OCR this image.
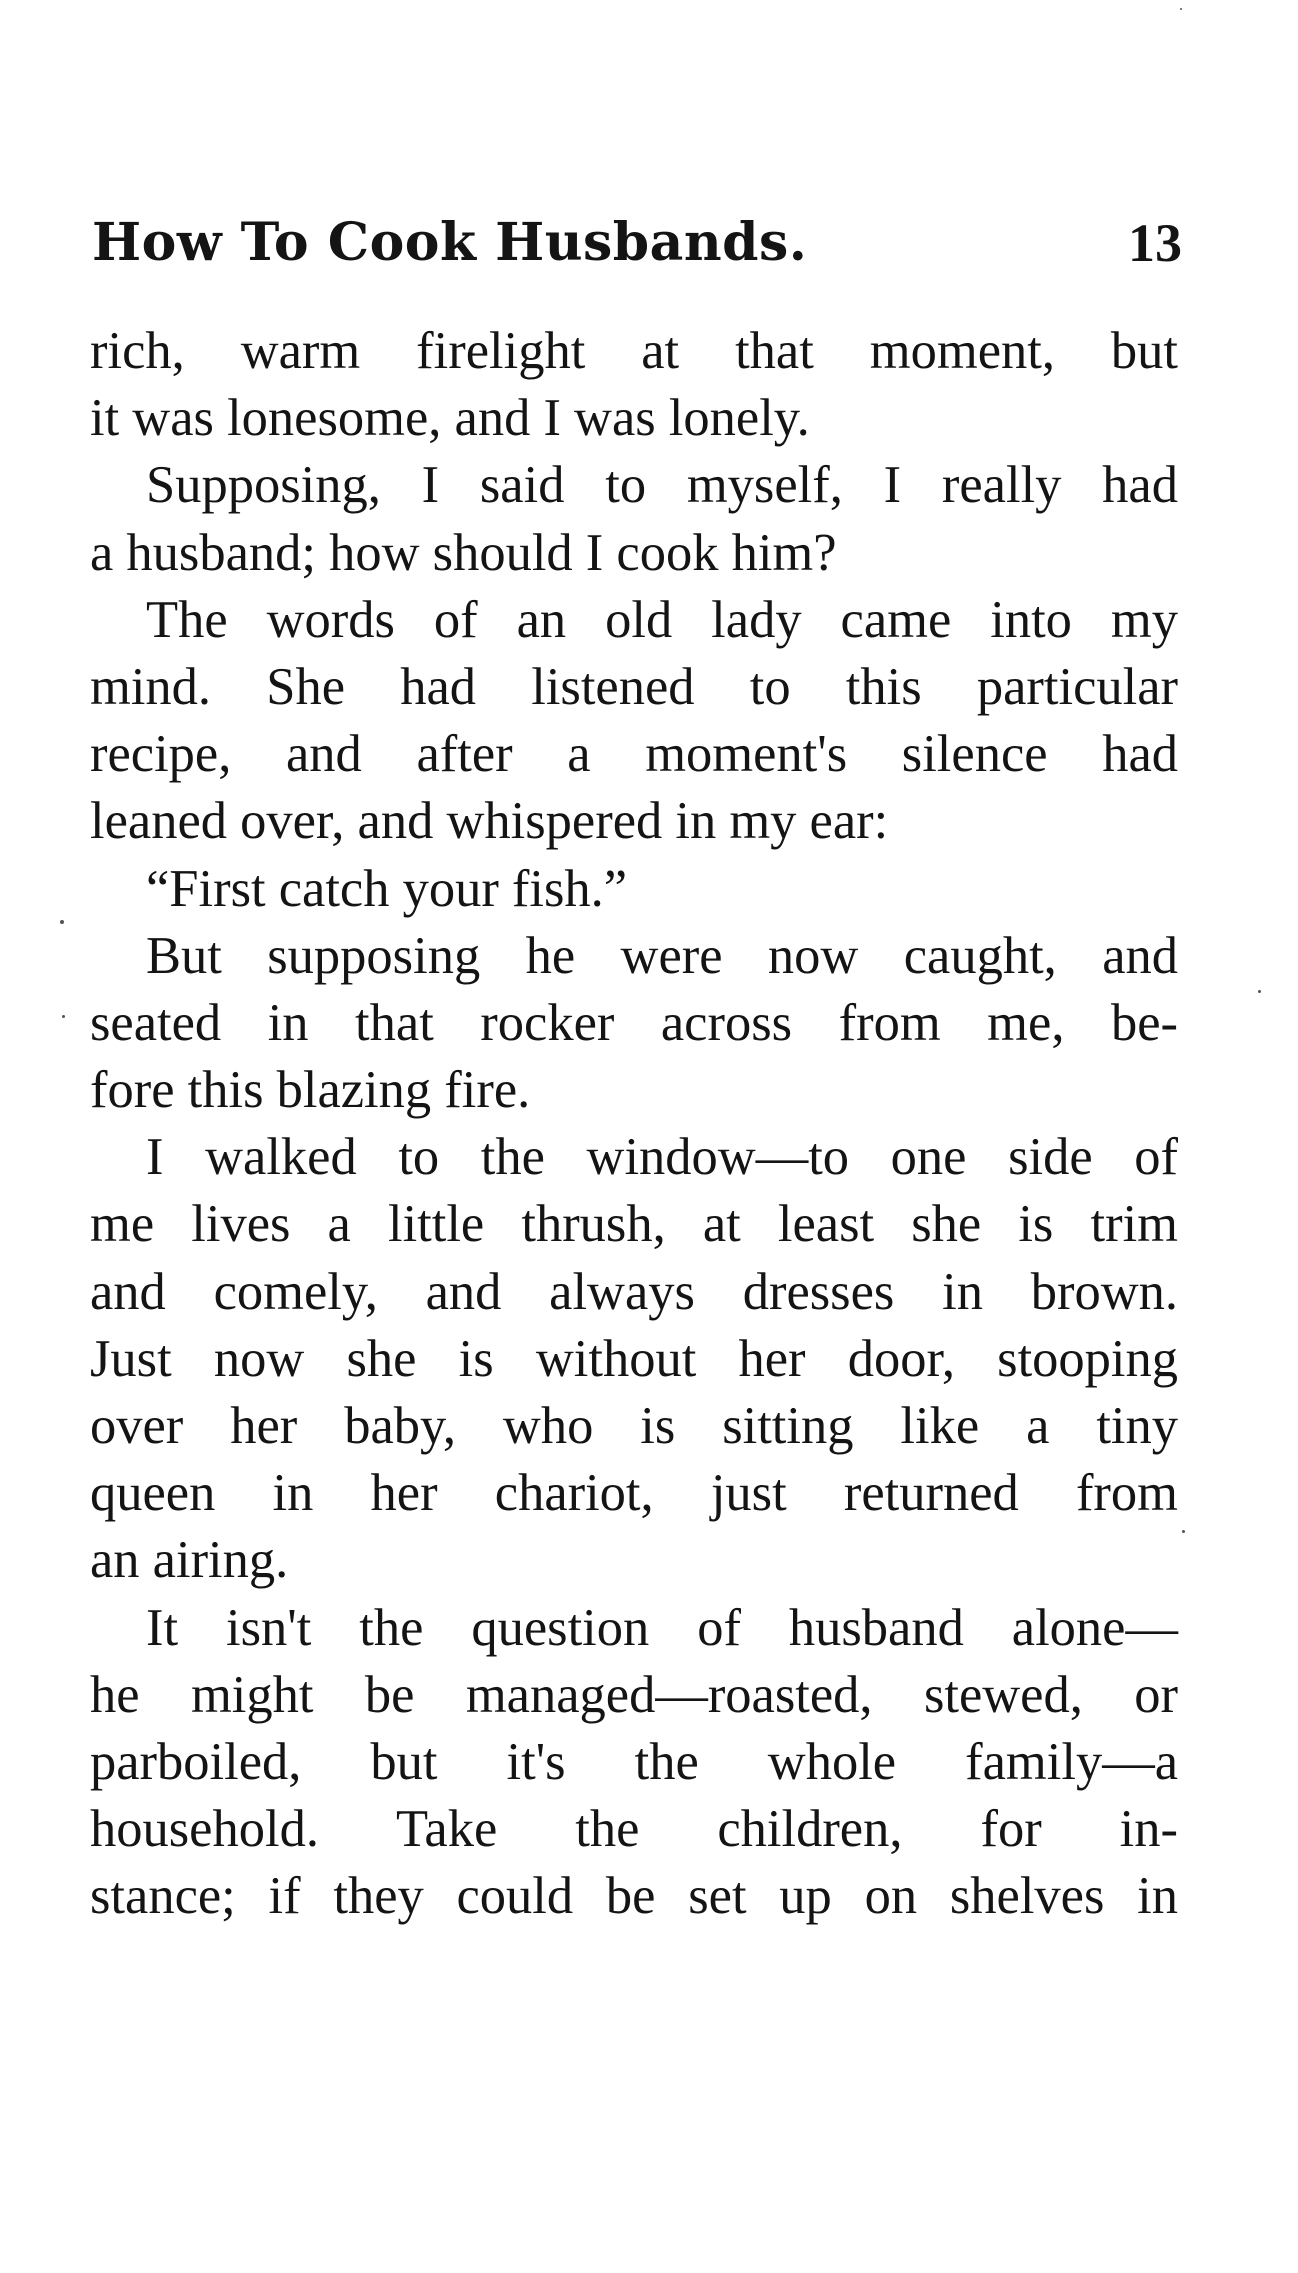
How To Cook Husbands.	13
rich, warm firelight at that moment, but
it was lonesome, and I was lonely.
Supposing, I said to myself, I really had
a husband; how should I cook him?
The words of an old lady came into my
mind. She had listened to this particular
recipe, and after a moment's silence had
leaned over, and whispered in my ear:
“First catch your fish.”
But supposing he were now caught, and
seated in that rocker across from me, be-
fore this blazing fire.
I walked to the window—to one side of
me lives a little thrush, at least she is trim
and comely, and always dresses in brown.
Just now she is without her door, stooping
over her baby, who is sitting like a tiny
queen in her chariot, just returned from
an airing.
It isn't the question of husband alone—
he might be managed—roasted, stewed, or
parboiled, but it's the whole family—a
household. Take the children, for in-
stance; if they could be set up on shelves in
